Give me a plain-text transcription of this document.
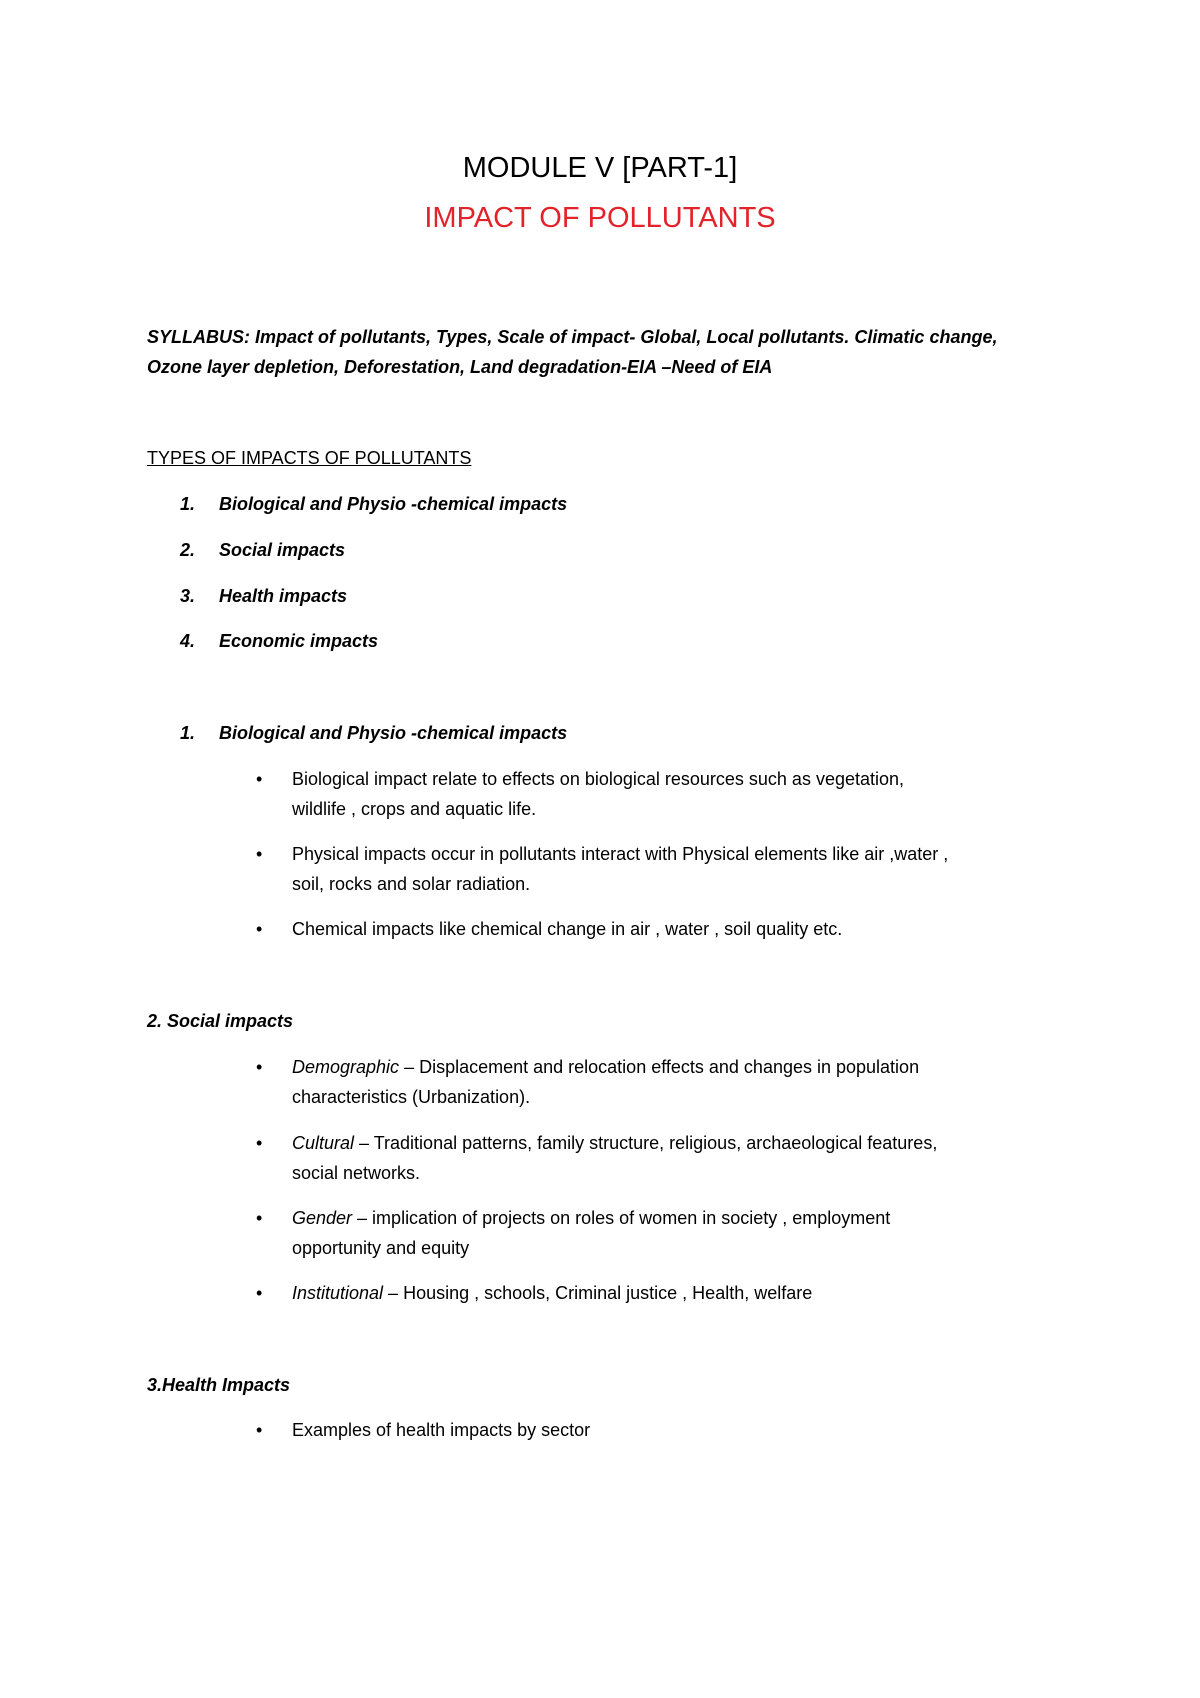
MODULE V [PART-1]
IMPACT OF POLLUTANTS

SYLLABUS: Impact of pollutants, Types, Scale of impact- Global, Local pollutants. Climatic change,
Ozone layer depletion, Deforestation, Land degradation-EIA –Need of EIA

TYPES OF IMPACTS OF POLLUTANTS

1. Biological and Physio -chemical impacts
2. Social impacts
3. Health impacts
4. Economic impacts
1. Biological and Physio -chemical impacts
• Biological impact relate to effects on biological resources such as vegetation,
wildlife , crops and aquatic life.

• Physical impacts occur in pollutants interact with Physical elements like air ,water ,
soil, rocks and solar radiation.

• Chemical impacts like chemical change in air , water , soil quality etc.

2. Social impacts

• Demographic – Displacement and relocation effects and changes in population
characteristics (Urbanization).

• Cultural – Traditional patterns, family structure, religious, archaeological features,
social networks.

• Gender – implication of projects on roles of women in society , employment
opportunity and equity

• Institutional – Housing , schools, Criminal justice , Health, welfare

3.Health Impacts

• Examples of health impacts by sector
